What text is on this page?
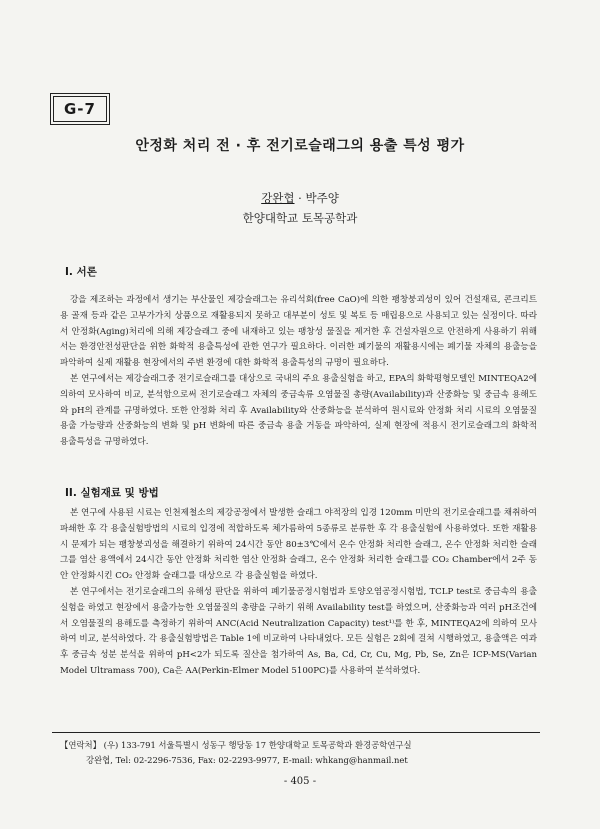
G-7
안정화 처리 전 · 후 전기로슬래그의 용출 특성 평가
강완협 · 박주양
한양대학교 토목공학과
I. 서론

강을 제조하는 과정에서 생기는 부산물인 제강슬래그는 유리석회(free CaO)에 의한 팽창붕괴성이 있어 건설재료, 콘크리트용 골재 등과 같은 고부가가치 상품으로 재활용되지 못하고 대부분이 성토 및 복토 등 매립용으로 사용되고 있는 실정이다. 따라서 안정화(Aging)처리에 의해 제강슬래그 중에 내재하고 있는 팽창성 물질을 제거한 후 건설자원으로 안전하게 사용하기 위해서는 환경안전성판단을 위한 화학적 용출특성에 관한 연구가 필요하다. 이러한 폐기물의 재활용시에는 폐기물 자체의 용출능을 파악하여 실제 재활용 현장에서의 주변 환경에 대한 화학적 용출특성의 규명이 필요하다.

본 연구에서는 제강슬래그중 전기로슬래그를 대상으로 국내의 주요 용출실험을 하고, EPA의 화학평형모델인 MINTEQA2에 의하여 모사하여 비교, 분석함으로써 전기로슬래그 자체의 중금속류 오염물질 총량(Availability)과 산중화능 및 중금속 용해도와 pH의 관계를 규명하였다. 또한 안정화 처리 후 Availability와 산중화능을 분석하여 원시료와 안정화 처리 시료의 오염물질 용출 가능량과 산중화능의 변화 및 pH 변화에 따른 중금속 용출 거동을 파악하여, 실제 현장에 적용시 전기로슬래그의 화학적 용출특성을 규명하였다.

II. 실험재료 및 방법

본 연구에 사용된 시료는 인천제철소의 제강공정에서 발생한 슬래그 야적장의 입경 120mm 미만의 전기로슬래그를 채취하여 파쇄한 후 각 용출실험방법의 시료의 입경에 적합하도록 체가름하여 5종류로 분류한 후 각 용출실험에 사용하였다. 또한 재활용시 문제가 되는 팽창붕괴성을 해결하기 위하여 24시간 동안 80±3℃에서 온수 안정화 처리한 슬래그, 온수 안정화 처리한 슬래그를 염산 용액에서 24시간 동안 안정화 처리한 염산 안정화 슬래그, 온수 안정화 처리한 슬래그를 CO₂ Chamber에서 2주 동안 안정화시킨 CO₂ 안정화 슬래그를 대상으로 각 용출실험을 하였다.

본 연구에서는 전기로슬래그의 유해성 판단을 위하여 폐기물공정시험법과 토양오염공정시험법, TCLP test로 중금속의 용출실험을 하였고 현장에서 용출가능한 오염물질의 총량을 구하기 위해 Availability test를 하였으며, 산중화능과 여러 pH조건에서 오염물질의 용해도를 측정하기 위하여 ANC(Acid Neutralization Capacity) test¹⁾를 한 후, MINTEQA2에 의하여 모사하여 비교, 분석하였다. 각 용출실험방법은 Table 1에 비교하여 나타내었다. 모든 실험은 2회에 걸쳐 시행하였고, 용출액은 여과 후 중금속 성분 분석을 위하여 pH<2가 되도록 질산을 첨가하여 As, Ba, Cd, Cr, Cu, Mg, Pb, Se, Zn은 ICP-MS(Varian Model Ultramass 700), Ca은 AA(Perkin-Elmer Model 5100PC)를 사용하여 분석하였다.

【연락처】 (우) 133-791 서울특별시 성동구 행당동 17 한양대학교 토목공학과 환경공학연구실
강완협, Tel: 02-2296-7536, Fax: 02-2293-9977, E-mail: whkang@hanmail.net
- 405 -
